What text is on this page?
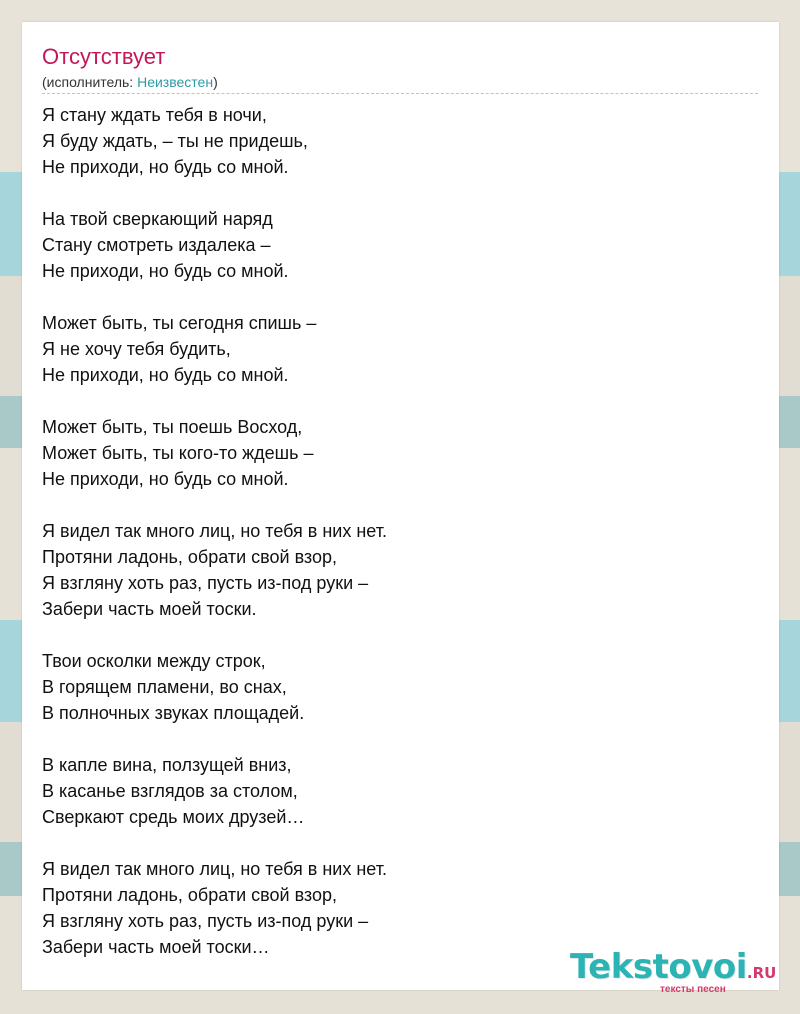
Отсутствует
(исполнитель: Неизвестен)
Я стану ждать тебя в ночи,
Я буду ждать, – ты не придешь,
Не приходи, но будь со мной.
На твой сверкающий наряд
Стану смотреть издалека –
Не приходи, но будь со мной.
Может быть, ты сегодня спишь –
Я не хочу тебя будить,
Не приходи, но будь со мной.
Может быть, ты поешь Восход,
Может быть, ты кого-то ждешь –
Не приходи, но будь со мной.
Я видел так много лиц, но тебя в них нет.
Протяни ладонь, обрати свой взор,
Я взгляну хоть раз, пусть из-под руки –
Забери часть моей тоски.
Твои осколки между строк,
В горящем пламени, во снах,
В полночных звуках площадей.
В капле вина, ползущей вниз,
В касанье взглядов за столом,
Сверкают средь моих друзей…
Я видел так много лиц, но тебя в них нет.
Протяни ладонь, обрати свой взор,
Я взгляну хоть раз, пусть из-под руки –
Забери часть моей тоски…	Tekstovoi.RU
тексты песен
